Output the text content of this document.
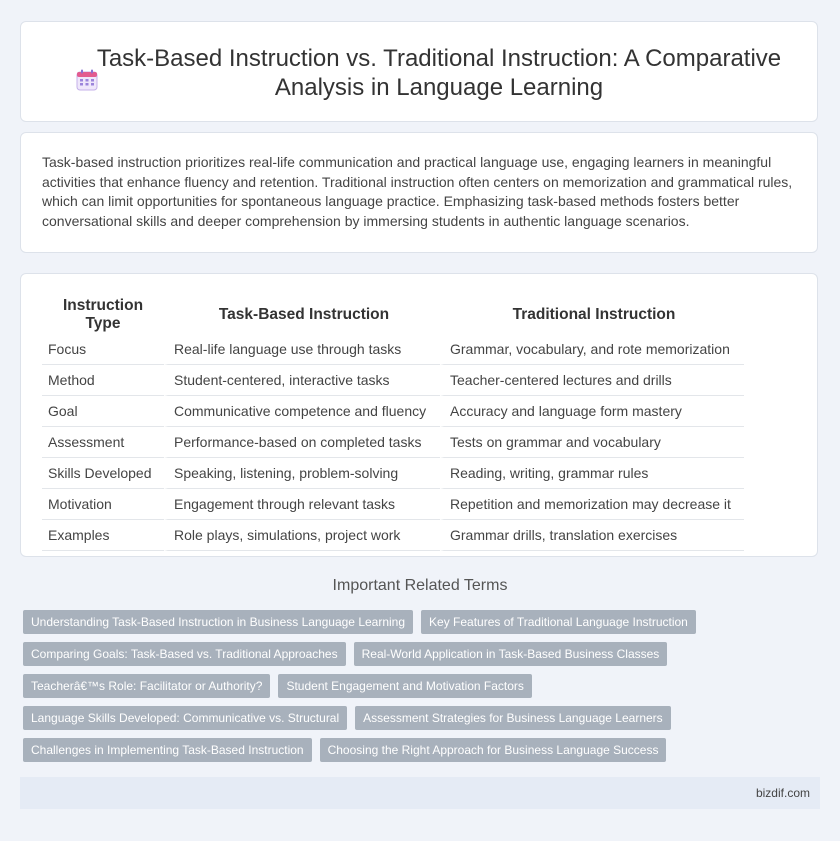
Task-Based Instruction vs. Traditional Instruction: A Comparative Analysis in Language Learning

Task-based instruction prioritizes real-life communication and practical language use, engaging learners in meaningful activities that enhance fluency and retention. Traditional instruction often centers on memorization and grammatical rules, which can limit opportunities for spontaneous language practice. Emphasizing task-based methods fosters better conversational skills and deeper comprehension by immersing students in authentic language scenarios.

Instruction Type	Task-Based Instruction	Traditional Instruction
Focus	Real-life language use through tasks	Grammar, vocabulary, and rote memorization
Method	Student-centered, interactive tasks	Teacher-centered lectures and drills
Goal	Communicative competence and fluency	Accuracy and language form mastery
Assessment	Performance-based on completed tasks	Tests on grammar and vocabulary
Skills Developed	Speaking, listening, problem-solving	Reading, writing, grammar rules
Motivation	Engagement through relevant tasks	Repetition and memorization may decrease it
Examples	Role plays, simulations, project work	Grammar drills, translation exercises
Important Related Terms
Understanding Task-Based Instruction in Business Language Learning	Key Features of Traditional Language Instruction
Comparing Goals: Task-Based vs. Traditional Approaches	Real-World Application in Task-Based Business Classes
Teacherâ€™s Role: Facilitator or Authority?	Student Engagement and Motivation Factors
Language Skills Developed: Communicative vs. Structural	Assessment Strategies for Business Language Learners
Challenges in Implementing Task-Based Instruction	Choosing the Right Approach for Business Language Success
bizdif.com
